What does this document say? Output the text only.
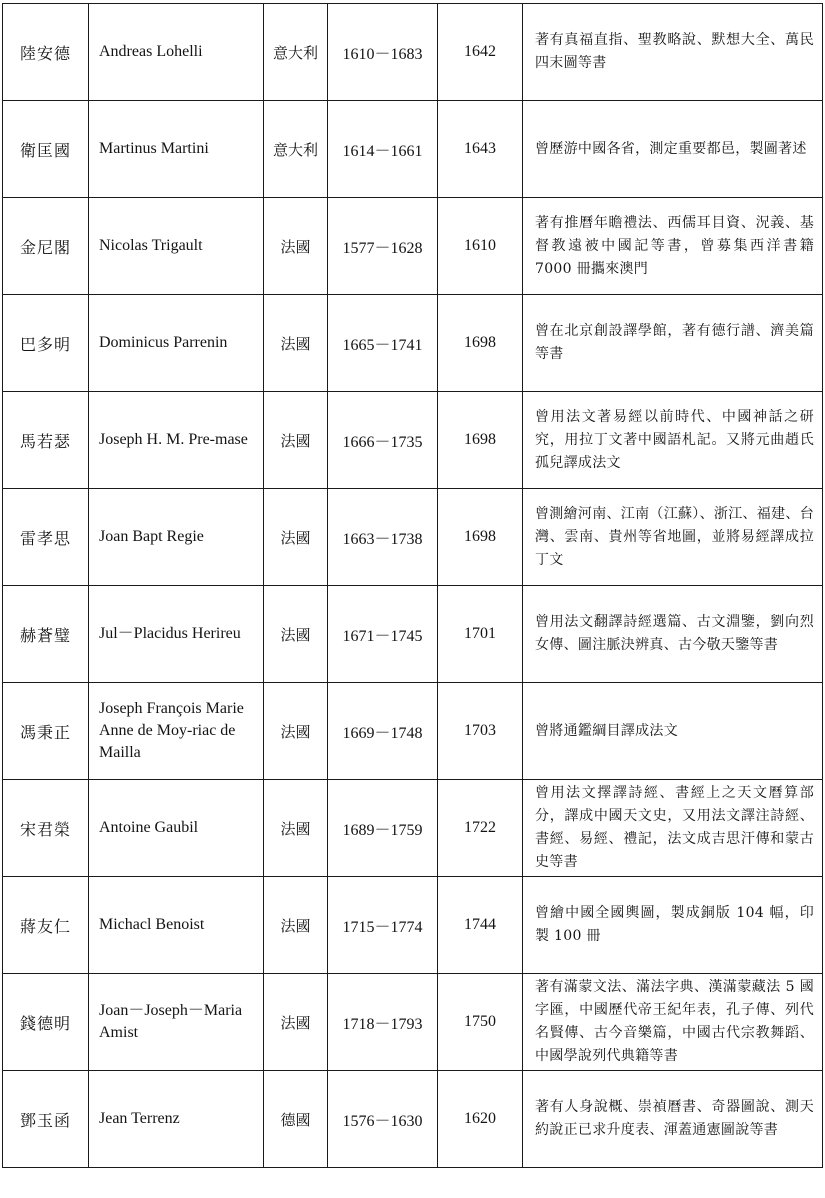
陸安德	Andreas Lohelli	意大利	1610－1683	1642	著有真福直指、聖教略說、默想大全、萬民四末圖等書
衛匡國	Martinus Martini	意大利	1614－1661	1643	曾歷游中國各省，測定重要都邑，製圖著述
金尼閣	Nicolas Trigault	法國	1577－1628	1610	著有推曆年瞻禮法、西儒耳目資、況義、基督教遠被中國記等書，曾募集西洋書籍 7000 冊攜來澳門
巴多明	Dominicus Parrenin	法國	1665－1741	1698	曾在北京創設譯學館，著有德行譜、濟美篇等書
馬若瑟	Joseph H. M. Pre-mase	法國	1666－1735	1698	曾用法文著易經以前時代、中國神話之研究，用拉丁文著中國語札記。又將元曲趙氏孤兒譯成法文
雷孝思	Joan Bapt Regie	法國	1663－1738	1698	曾測繪河南、江南（江蘇）、浙江、福建、台灣、雲南、貴州等省地圖，並將易經譯成拉丁文
赫蒼璧	Jul－Placidus Herireu	法國	1671－1745	1701	曾用法文翻譯詩經選篇、古文淵鑒，劉向烈女傳、圖注脈決辨真、古今敬天鑒等書
馮秉正	Joseph François Marie Anne de Moy-riac de Mailla	法國	1669－1748	1703	曾將通鑑綱目譯成法文
宋君榮	Antoine Gaubil	法國	1689－1759	1722	曾用法文擇譯詩經、書經上之天文曆算部分，譯成中國天文史，又用法文譯注詩經、書經、易經、禮記，法文成吉思汗傳和蒙古史等書
蔣友仁	Michacl Benoist	法國	1715－1774	1744	曾繪中國全國輿圖，製成銅版 104 幅，印製 100 冊
錢德明	Joan－Joseph－Maria Amist	法國	1718－1793	1750	著有滿蒙文法、滿法字典、漢滿蒙藏法 5 國字匯，中國歷代帝王紀年表，孔子傳、列代名賢傳、古今音樂篇，中國古代宗教舞蹈、中國學說列代典籍等書
鄧玉函	Jean Terrenz	德國	1576－1630	1620	著有人身說概、崇禎曆書、奇器圖說、測天約說正已求升度表、渾蓋通憲圖說等書
